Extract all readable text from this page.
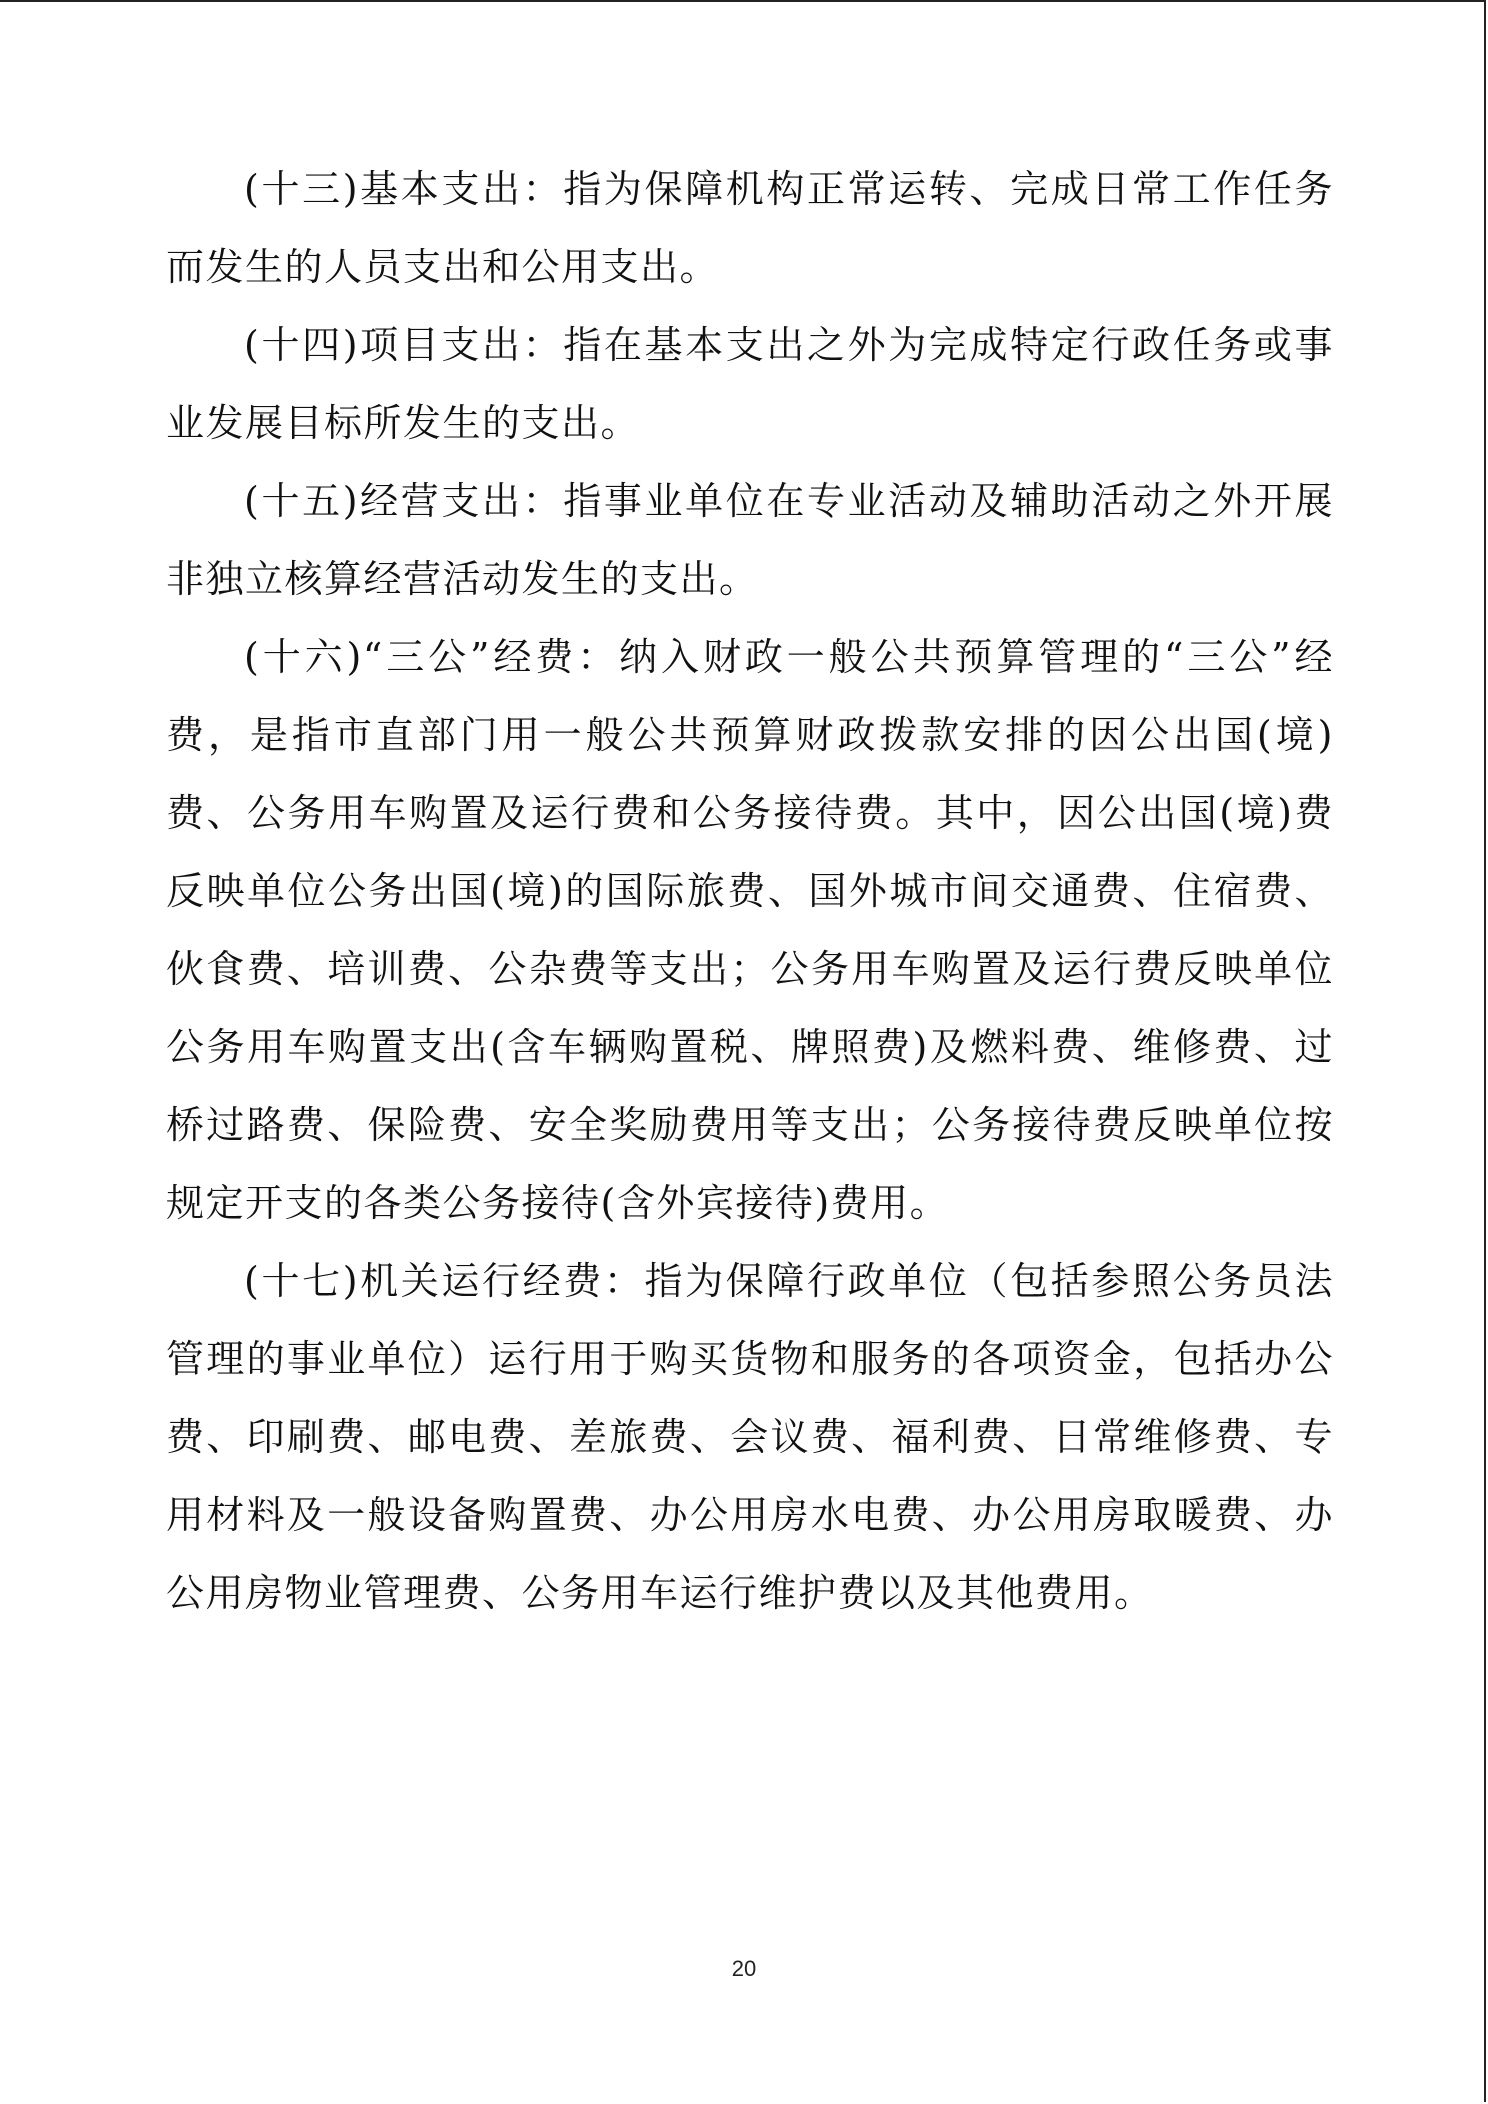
(十三)基本支出：指为保障机构正常运转、完成日常工作任务而发生的人员支出和公用支出。

(十四)项目支出：指在基本支出之外为完成特定行政任务或事业发展目标所发生的支出。

(十五)经营支出：指事业单位在专业活动及辅助活动之外开展非独立核算经营活动发生的支出。

(十六)“三公”经费：纳入财政一般公共预算管理的“三公”经费，是指市直部门用一般公共预算财政拨款安排的因公出国(境)费、公务用车购置及运行费和公务接待费。其中，因公出国(境)费反映单位公务出国(境)的国际旅费、国外城市间交通费、住宿费、伙食费、培训费、公杂费等支出；公务用车购置及运行费反映单位公务用车购置支出(含车辆购置税、牌照费)及燃料费、维修费、过桥过路费、保险费、安全奖励费用等支出；公务接待费反映单位按规定开支的各类公务接待(含外宾接待)费用。

(十七)机关运行经费：指为保障行政单位（包括参照公务员法管理的事业单位）运行用于购买货物和服务的各项资金，包括办公费、印刷费、邮电费、差旅费、会议费、福利费、日常维修费、专用材料及一般设备购置费、办公用房水电费、办公用房取暖费、办公用房物业管理费、公务用车运行维护费以及其他费用。

20
